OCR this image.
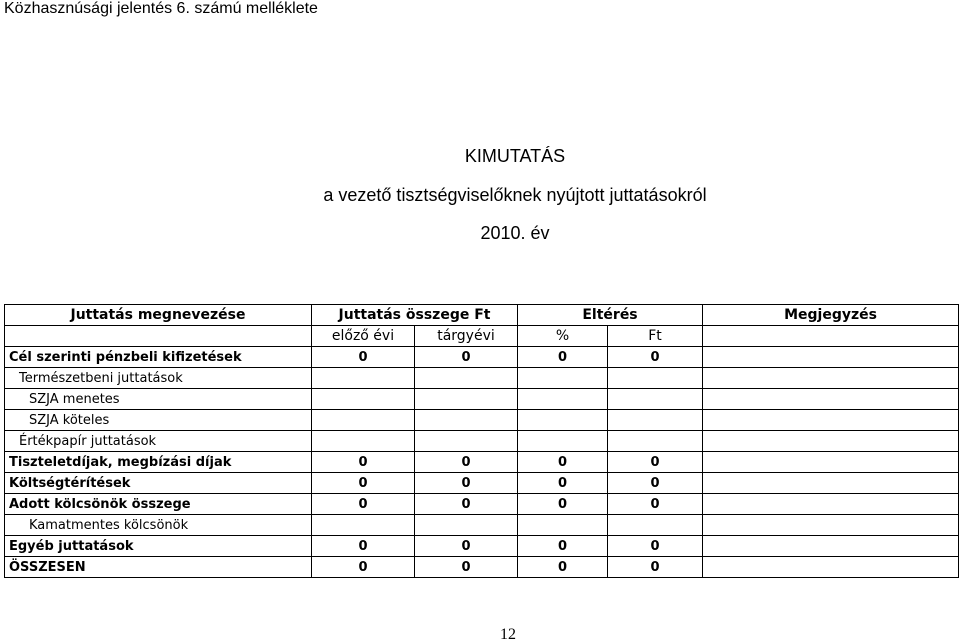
Közhasznúsági jelentés 6. számú melléklete
KIMUTATÁS
a vezető tisztségviselőknek nyújtott juttatásokról
2010. év
Juttatás megnevezése	Juttatás összege Ft		Eltérés		Megjegyzés
	előző évi	tárgyévi	%	Ft	
Cél szerinti pénzbeli kifizetések	0	0	0	0	
Természetbeni juttatások					
SZJA menetes					
SZJA köteles					
Értékpapír juttatások					
Tiszteletdíjak, megbízási díjak	0	0	0	0	
Költségtérítések	0	0	0	0	
Adott kölcsönök összege	0	0	0	0	
Kamatmentes kölcsönök					
Egyéb juttatások	0	0	0	0	
ÖSSZESEN	0	0	0	0	
12
